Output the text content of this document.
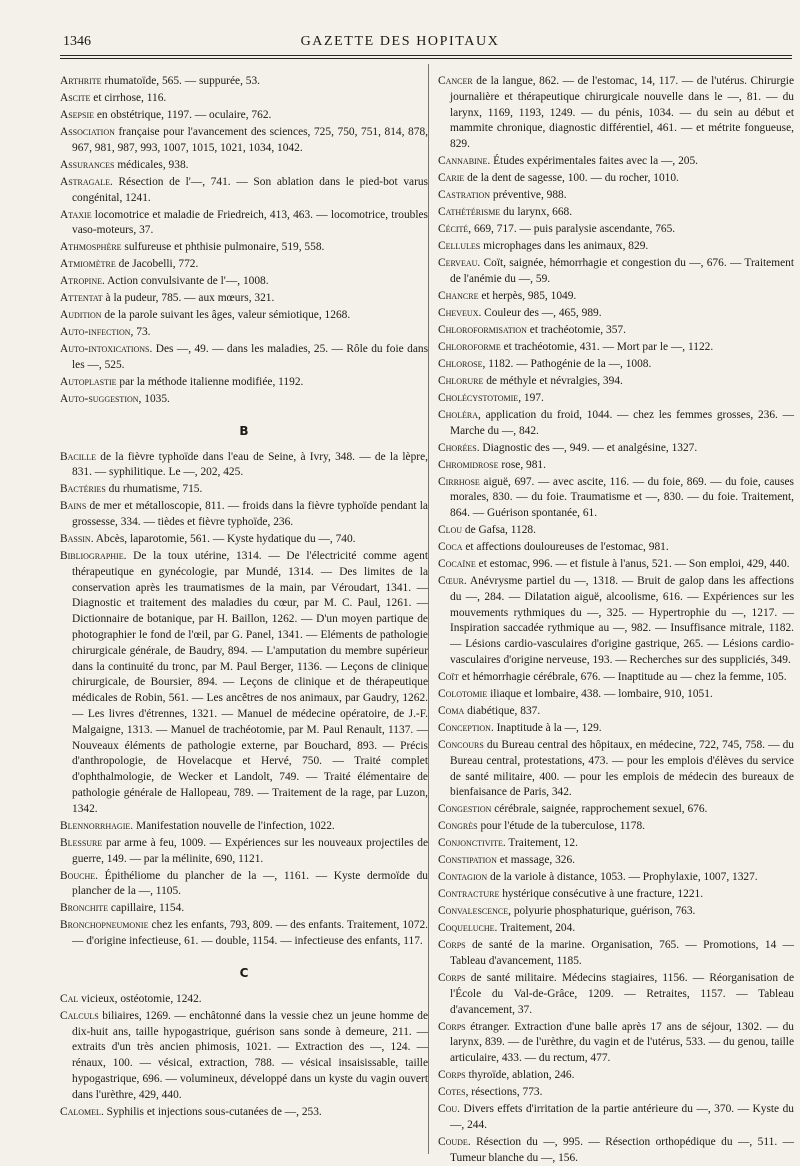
1346	GAZETTE DES HOPITAUX
Arthrite rhumatoïde, 565. — suppurée, 53.
Ascite et cirrhose, 116.
Asepsie en obstétrique, 1197. — oculaire, 762.
Association française pour l'avancement des sciences, 725, 750, 751, 814, 878, 967, 981, 987, 993, 1007, 1015, 1021, 1034, 1042.
Assurances médicales, 938.
Astragale. Résection de l'—, 741. — Son ablation dans le pied-bot varus congénital, 1241.
Ataxie locomotrice et maladie de Friedreich, 413, 463. — locomotrice, troubles vaso-moteurs, 37.
Athmosphère sulfureuse et phthisie pulmonaire, 519, 558.
Atmiomètre de Jacobelli, 772.
Atropine. Action convulsivante de l'—, 1008.
Attentat à la pudeur, 785. — aux mœurs, 321.
Audition de la parole suivant les âges, valeur sémiotique, 1268.
Auto-infection, 73.
Auto-intoxications. Des —, 49. — dans les maladies, 25. — Rôle du foie dans les —, 525.
Autoplastie par la méthode italienne modifiée, 1192.
Auto-suggestion, 1035.
B
Bacille de la fièvre typhoïde dans l'eau de Seine, à Ivry, 348. — de la lèpre, 831. — syphilitique. Le —, 202, 425.
Bactéries du rhumatisme, 715.
Bains de mer et métalloscopie, 811. — froids dans la fièvre typhoïde pendant la grossesse, 334. — tièdes et fièvre typhoïde, 236.
Bassin. Abcès, laparotomie, 561. — Kyste hydatique du —, 740.
Bibliographie. De la toux utérine, 1314. — De l'électricité comme agent thérapeutique en gynécologie, par Mundé, 1314. — Des limites de la conservation après les traumatismes de la main, par Véroudart, 1341. — Diagnostic et traitement des maladies du cœur, par M. C. Paul, 1261. — Dictionnaire de botanique, par H. Baillon, 1262. — D'un moyen partique de photographier le fond de l'œil, par G. Panel, 1341. — Eléments de pathologie chirurgicale générale, de Baudry, 894. — L'amputation du membre supérieur dans la continuité du tronc, par M. Paul Berger, 1136. — Leçons de clinique chirurgicale, de Boursier, 894. — Leçons de clinique et de thérapeutique médicales de Robin, 561. — Les ancêtres de nos animaux, par Gaudry, 1262. — Les livres d'étrennes, 1321. — Manuel de médecine opératoire, de J.-F. Malgaigne, 1313. — Manuel de trachéotomie, par M. Paul Renault, 1137. — Nouveaux éléments de pathologie externe, par Bouchard, 893. — Précis d'anthropologie, de Hovelacque et Hervé, 750. — Traité complet d'ophthalmologie, de Wecker et Landolt, 749. — Traité élémentaire de pathologie générale de Hallopeau, 789. — Traitement de la rage, par Luzon, 1342.
Blennorrhagie. Manifestation nouvelle de l'infection, 1022.
Blessure par arme à feu, 1009. — Expériences sur les nouveaux projectiles de guerre, 149. — par la mélinite, 690, 1121.
Bouche. Épithéliome du plancher de la —, 1161. — Kyste dermoïde du plancher de la —, 1105.
Bronchite capillaire, 1154.
Bronchopneumonie chez les enfants, 793, 809. — des enfants. Traitement, 1072. — d'origine infectieuse, 61. — double, 1154. — infectieuse des enfants, 117.
C
Cal vicieux, ostéotomie, 1242.
Calculs biliaires, 1269. — enchâtonné dans la vessie chez un jeune homme de dix-huit ans, taille hypogastrique, guérison sans sonde à demeure, 211. — extraits d'un très ancien phimosis, 1021. — Extraction des —, 124. — rénaux, 100. — vésical, extraction, 788. — vésical insaisissable, taille hypogastrique, 696. — volumineux, développé dans un kyste du vagin ouvert dans l'urèthre, 429, 440.
Calomel. Syphilis et injections sous-cutanées de —, 253.
Cancer de la langue, 862. — de l'estomac, 14, 117. — de l'utérus. Chirurgie journalière et thérapeutique chirurgicale nouvelle dans le —, 81. — du larynx, 1169, 1193, 1249. — du pénis, 1034. — du sein au début et mammite chronique, diagnostic différentiel, 461. — et métrite fongueuse, 829.
Cannabine. Études expérimentales faites avec la —, 205.
Carie de la dent de sagesse, 100. — du rocher, 1010.
Castration préventive, 988.
Cathétérisme du larynx, 668.
Cécité, 669, 717. — puis paralysie ascendante, 765.
Cellules microphages dans les animaux, 829.
Cerveau. Coït, saignée, hémorrhagie et congestion du —, 676. — Traitement de l'anémie du —, 59.
Chancre et herpès, 985, 1049.
Cheveux. Couleur des —, 465, 989.
Chloroformisation et trachéotomie, 357.
Chloroforme et trachéotomie, 431. — Mort par le —, 1122.
Chlorose, 1182. — Pathogénie de la —, 1008.
Chlorure de méthyle et névralgies, 394.
Cholécystotomie, 197.
Choléra, application du froid, 1044. — chez les femmes grosses, 236. — Marche du —, 842.
Chorées. Diagnostic des —, 949. — et analgésine, 1327.
Chromidrose rose, 981.
Cirrhose aiguë, 697. — avec ascite, 116. — du foie, 869. — du foie, causes morales, 830. — du foie. Traumatisme et —, 830. — du foie. Traitement, 864. — Guérison spontanée, 61.
Clou de Gafsa, 1128.
Coca et affections douloureuses de l'estomac, 981.
Cocaïne et estomac, 996. — et fistule à l'anus, 521. — Son emploi, 429, 440.
Cœur. Anévrysme partiel du —, 1318. — Bruit de galop dans les affections du —, 284. — Dilatation aiguë, alcoolisme, 616. — Expériences sur les mouvements rythmiques du —, 325. — Hypertrophie du —, 1217. — Inspiration saccadée rythmique au —, 982. — Insuffisance mitrale, 1182. — Lésions cardio-vasculaires d'origine gastrique, 265. — Lésions cardio-vasculaires d'origine nerveuse, 193. — Recherches sur des suppliciés, 349.
Coït et hémorrhagie cérébrale, 676. — Inaptitude au — chez la femme, 105.
Colotomie iliaque et lombaire, 438. — lombaire, 910, 1051.
Coma diabétique, 837.
Conception. Inaptitude à la —, 129.
Concours du Bureau central des hôpitaux, en médecine, 722, 745, 758. — du Bureau central, protestations, 473. — pour les emplois d'élèves du service de santé militaire, 400. — pour les emplois de médecin des bureaux de bienfaisance de Paris, 342.
Congestion cérébrale, saignée, rapprochement sexuel, 676.
Congrès pour l'étude de la tuberculose, 1178.
Conjonctivite. Traitement, 12.
Constipation et massage, 326.
Contagion de la variole à distance, 1053. — Prophylaxie, 1007, 1327.
Contracture hystérique consécutive à une fracture, 1221.
Convalescence, polyurie phosphaturique, guérison, 763.
Coqueluche. Traitement, 204.
Corps de santé de la marine. Organisation, 765. — Promotions, 14 — Tableau d'avancement, 1185.
Corps de santé militaire. Médecins stagiaires, 1156. — Réorganisation de l'École du Val-de-Grâce, 1209. — Retraites, 1157. — Tableau d'avancement, 37.
Corps étranger. Extraction d'une balle après 17 ans de séjour, 1302. — du larynx, 839. — de l'urèthre, du vagin et de l'utérus, 533. — du genou, taille articulaire, 433. — du rectum, 477.
Corps thyroïde, ablation, 246.
Cotes, résections, 773.
Cou. Divers effets d'irritation de la partie antérieure du —, 370. — Kyste du —, 244.
Coude. Résection du —, 995. — Résection orthopédique du —, 511. — Tumeur blanche du —, 156.
